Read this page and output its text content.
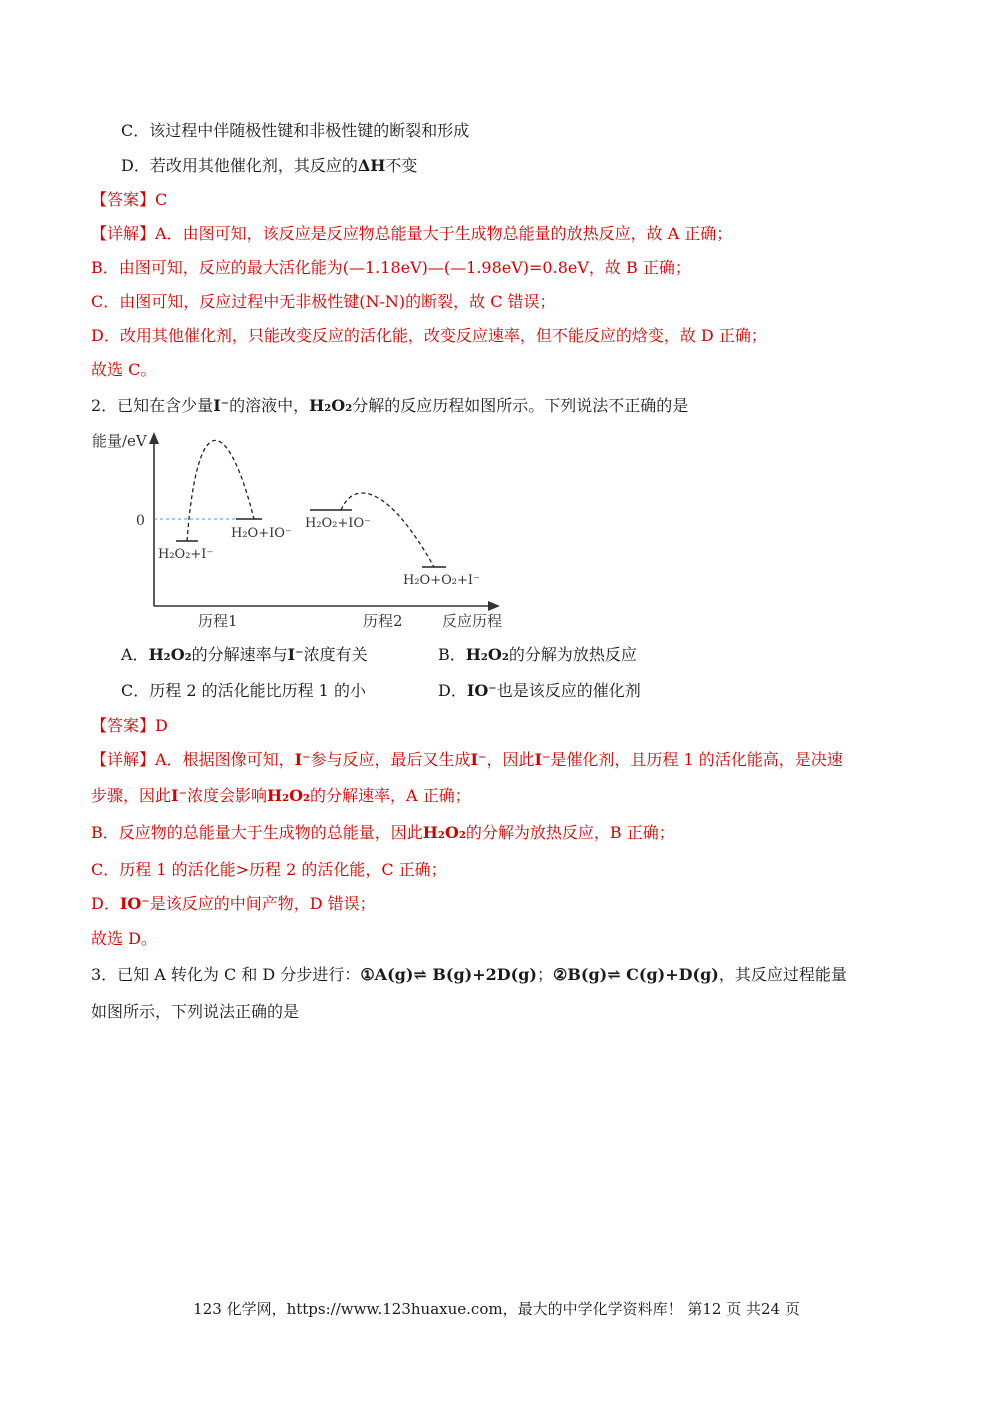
C．该过程中伴随极性键和非极性键的断裂和形成
D．若改用其他催化剂，其反应的ΔH不变
【答案】C
【详解】A．由图可知，该反应是反应物总能量大于生成物总能量的放热反应，故 A 正确；
B．由图可知，反应的最大活化能为(—1.18eV)—(—1.98eV)=0.8eV，故 B 正确；
C．由图可知，反应过程中无非极性键(N-N)的断裂，故 C 错误；
D．改用其他催化剂，只能改变反应的活化能，改变反应速率，但不能反应的焓变，故 D 正确；
故选 C。
2．已知在含少量I⁻的溶液中，H₂O₂分解的反应历程如图所示。下列说法不正确的是
能量/eV
0
历程1	历程2	反应历程
H₂O₂+I⁻
H₂O+IO⁻
H₂O₂+IO⁻
H₂O+O₂+I⁻
A．H₂O₂的分解速率与I⁻浓度有关	B．H₂O₂的分解为放热反应
C．历程 2 的活化能比历程 1 的小	D．IO⁻也是该反应的催化剂
【答案】D
【详解】A．根据图像可知，I⁻参与反应，最后又生成I⁻，因此I⁻是催化剂，且历程 1 的活化能高，是决速
步骤，因此I⁻浓度会影响H₂O₂的分解速率，A 正确；
B．反应物的总能量大于生成物的总能量，因此H₂O₂的分解为放热反应，B 正确；
C．历程 1 的活化能>历程 2 的活化能，C 正确；
D．IO⁻是该反应的中间产物，D 错误；
故选 D。
3．已知 A 转化为 C 和 D 分步进行：①A(g)⇌ B(g)+2D(g)；②B(g)⇌ C(g)+D(g)，其反应过程能量
如图所示，下列说法正确的是
123 化学网，https://www.123huaxue.com，最大的中学化学资料库！ 第12 页 共24 页
